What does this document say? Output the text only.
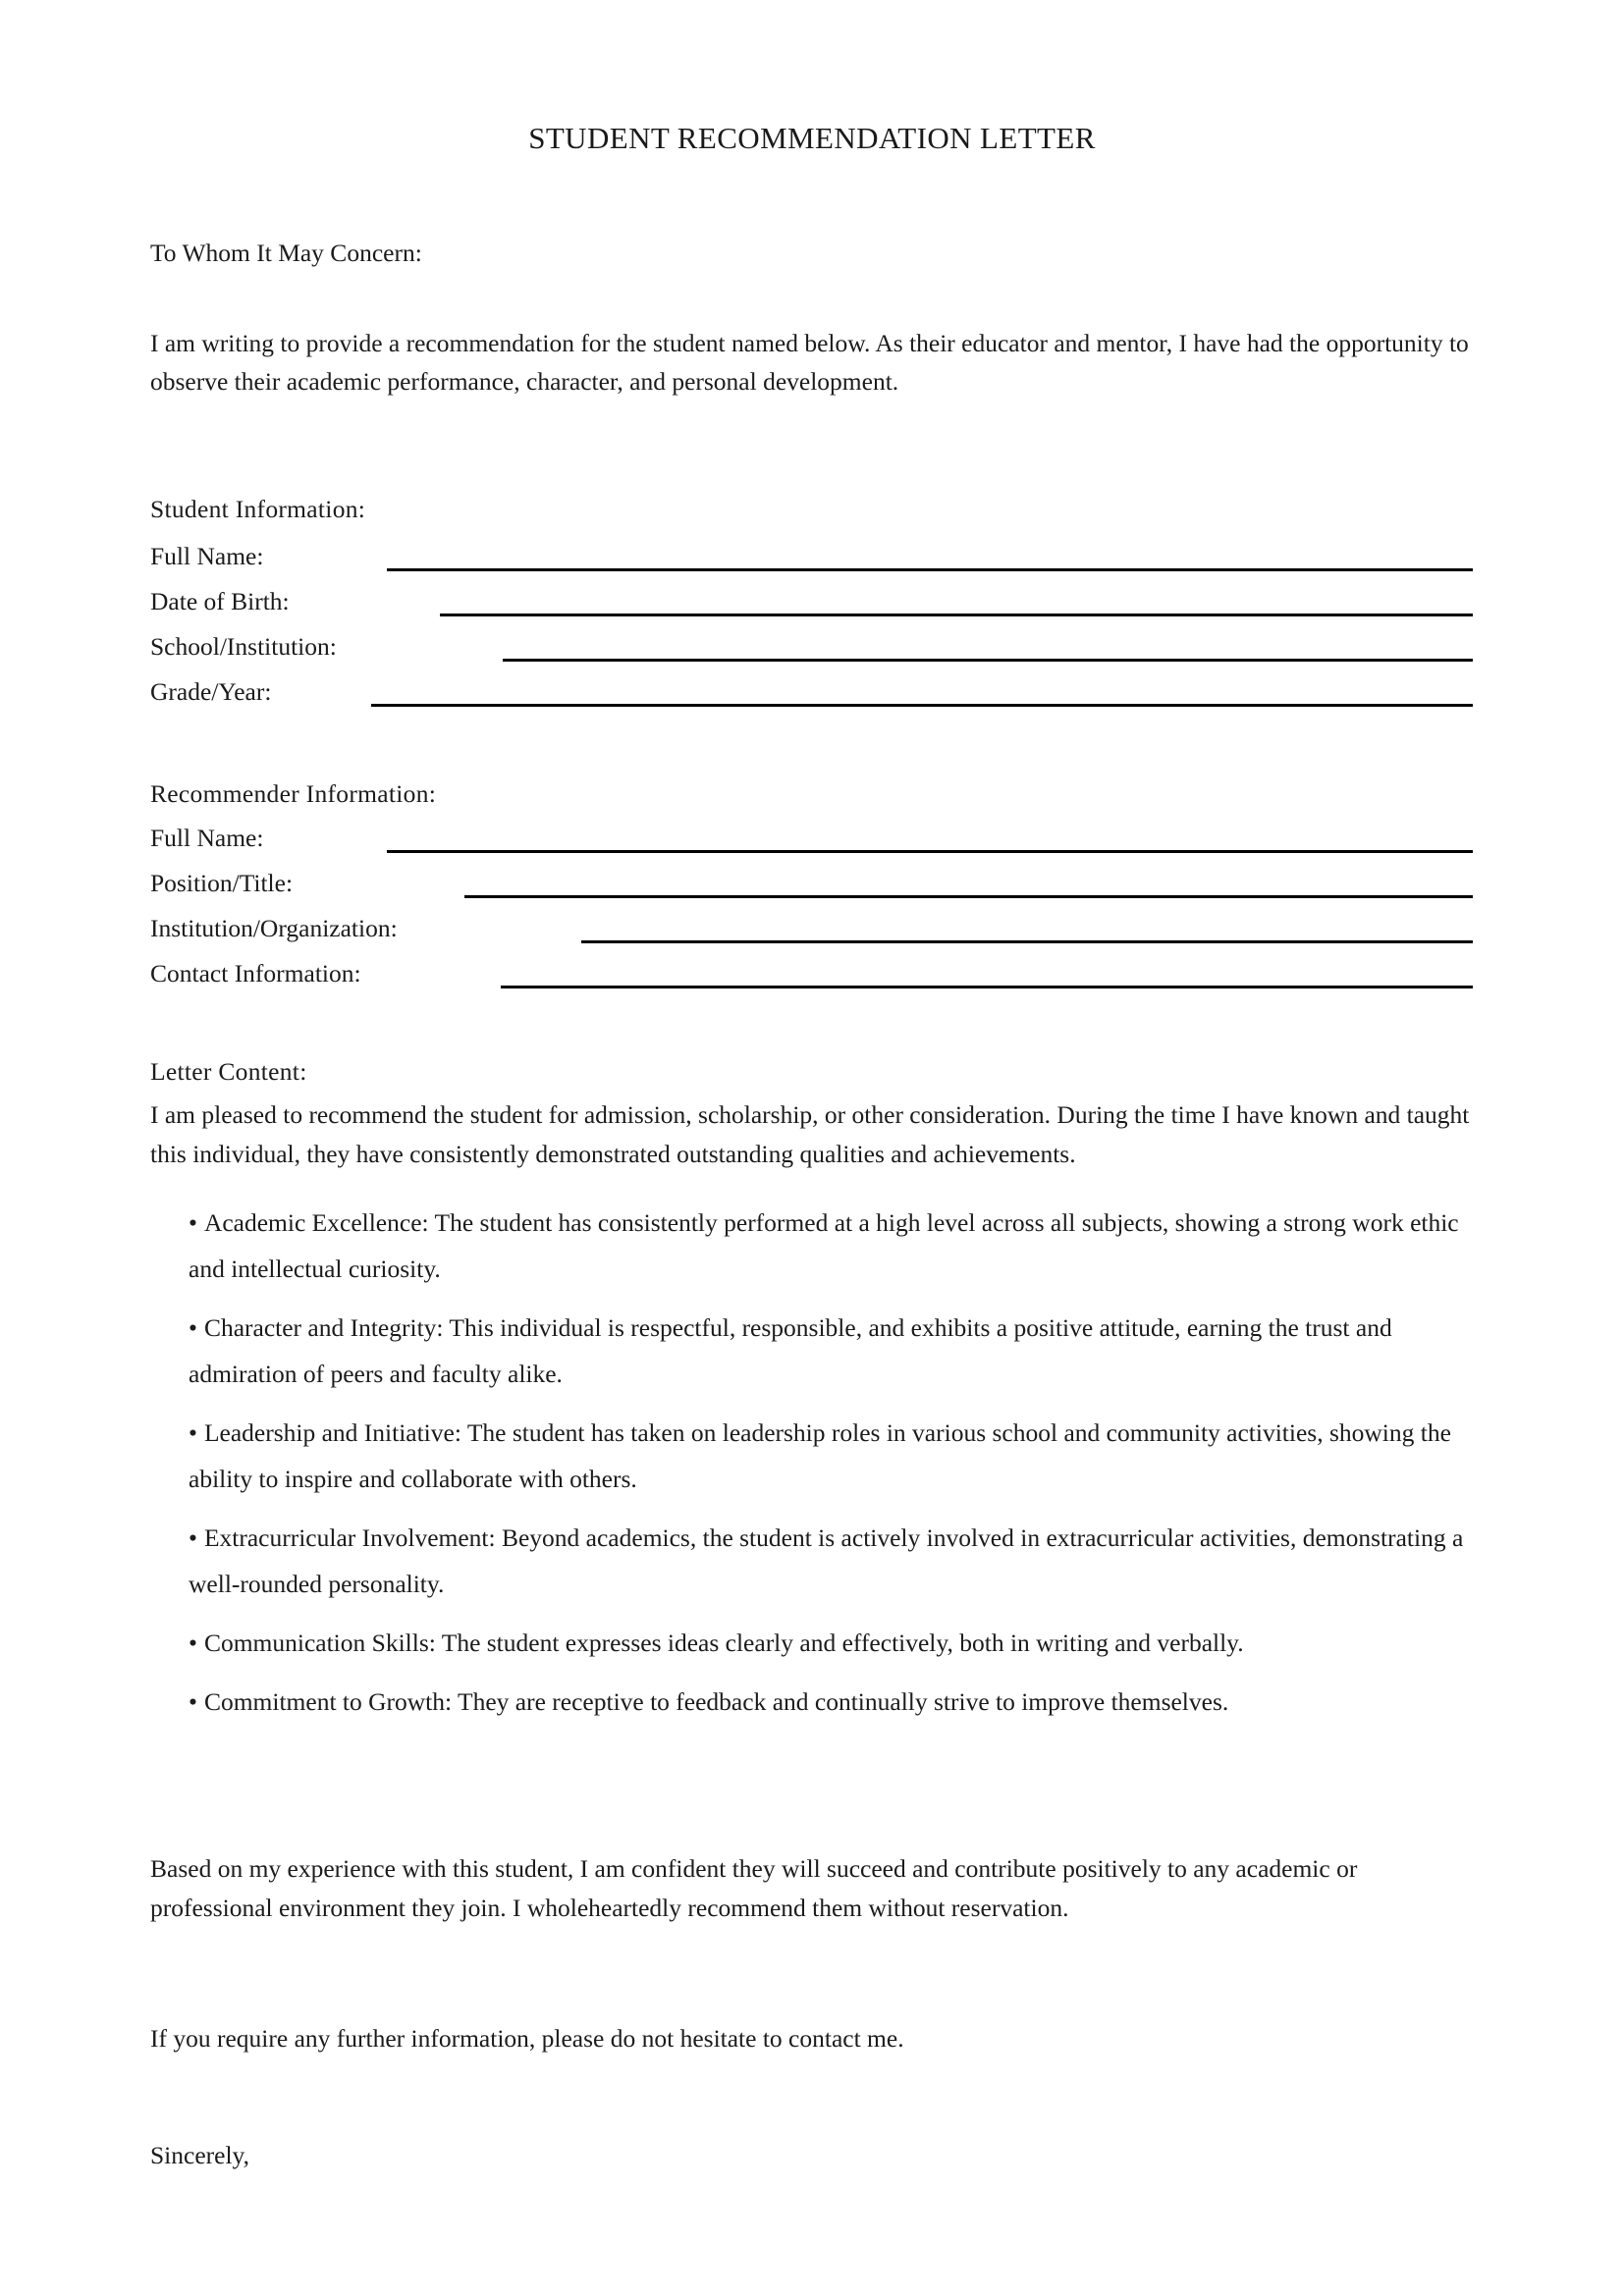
STUDENT RECOMMENDATION LETTER
To Whom It May Concern:
I am writing to provide a recommendation for the student named below. As their educator and mentor, I have had the opportunity to observe their academic performance, character, and personal development.
Student Information:
Full Name:
Date of Birth:
School/Institution:
Grade/Year:
Recommender Information:
Full Name:
Position/Title:
Institution/Organization:
Contact Information:
Letter Content:
I am pleased to recommend the student for admission, scholarship, or other consideration. During the time I have known and taught this individual, they have consistently demonstrated outstanding qualities and achievements.
• Academic Excellence: The student has consistently performed at a high level across all subjects, showing a strong work ethic and intellectual curiosity.
• Character and Integrity: This individual is respectful, responsible, and exhibits a positive attitude, earning the trust and admiration of peers and faculty alike.
• Leadership and Initiative: The student has taken on leadership roles in various school and community activities, showing the ability to inspire and collaborate with others.
• Extracurricular Involvement: Beyond academics, the student is actively involved in extracurricular activities, demonstrating a well-rounded personality.
• Communication Skills: The student expresses ideas clearly and effectively, both in writing and verbally.
• Commitment to Growth: They are receptive to feedback and continually strive to improve themselves.
Based on my experience with this student, I am confident they will succeed and contribute positively to any academic or professional environment they join. I wholeheartedly recommend them without reservation.
If you require any further information, please do not hesitate to contact me.
Sincerely,
